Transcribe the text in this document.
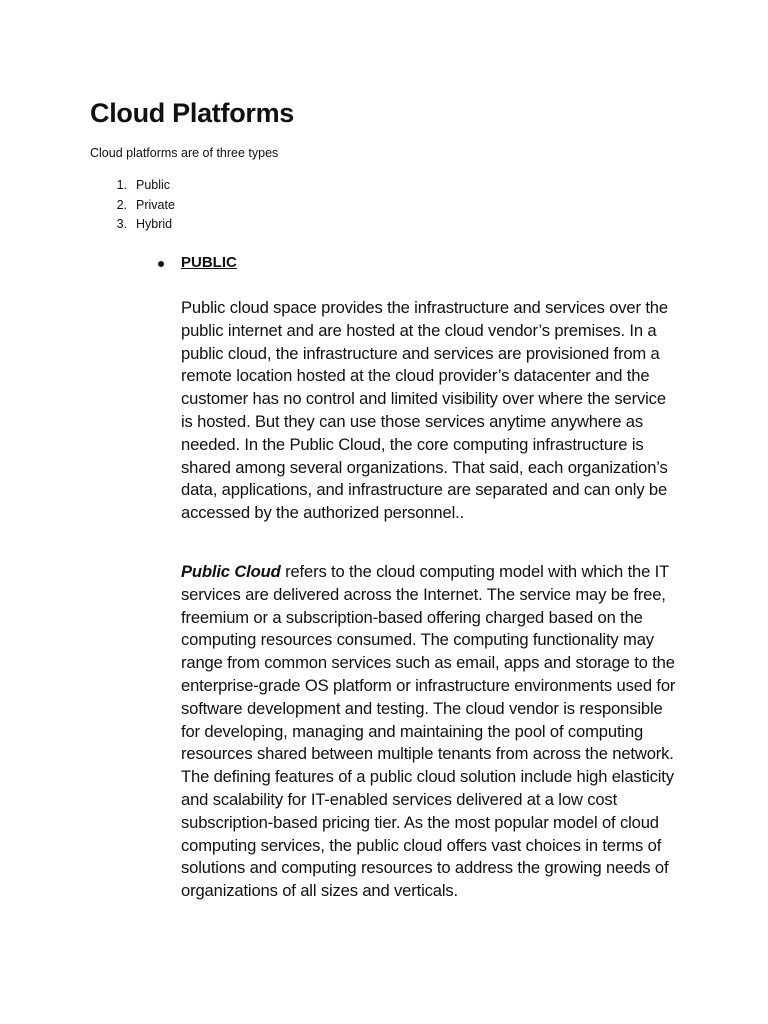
Cloud Platforms

Cloud platforms are of three types

1. Public
2. Private
3. Hybrid
PUBLIC

Public cloud space provides the infrastructure and services over the public internet and are hosted at the cloud vendor’s premises. In a public cloud, the infrastructure and services are provisioned from a remote location hosted at the cloud provider’s datacenter and the customer has no control and limited visibility over where the service is hosted. But they can use those services anytime anywhere as needed. In the Public Cloud, the core computing infrastructure is shared among several organizations. That said, each organization’s data, applications, and infrastructure are separated and can only be accessed by the authorized personnel..

Public Cloud refers to the cloud computing model with which the IT services are delivered across the Internet. The service may be free, freemium or a subscription-based offering charged based on the computing resources consumed. The computing functionality may range from common services such as email, apps and storage to the enterprise-grade OS platform or infrastructure environments used for software development and testing. The cloud vendor is responsible for developing, managing and maintaining the pool of computing resources shared between multiple tenants from across the network. The defining features of a public cloud solution include high elasticity and scalability for IT-enabled services delivered at a low cost subscription-based pricing tier. As the most popular model of cloud computing services, the public cloud offers vast choices in terms of solutions and computing resources to address the growing needs of organizations of all sizes and verticals.
